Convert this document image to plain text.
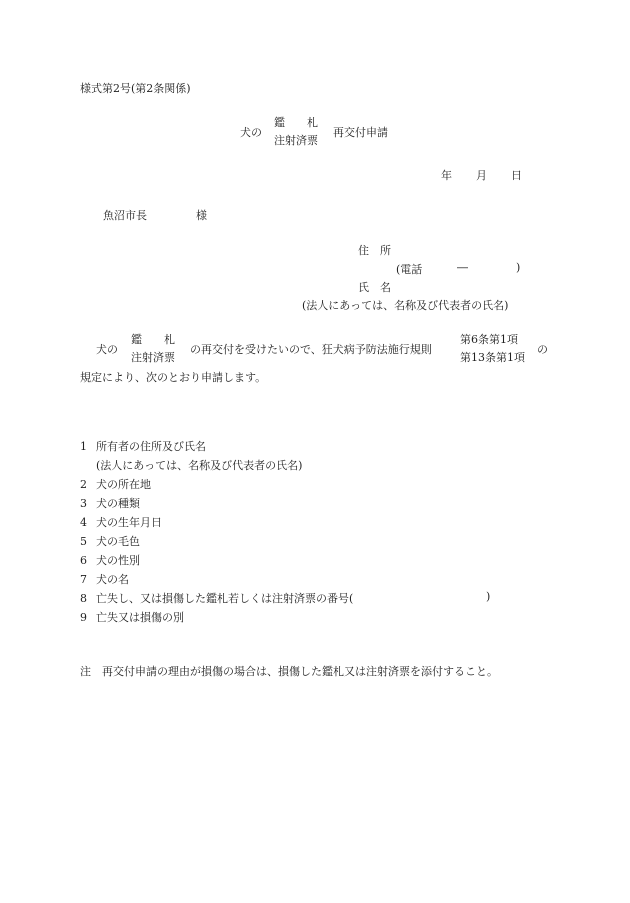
様式第2号(第2条関係)
犬の
鑑　　札
注射済票
再交付申請
年 月 日
魚沼市長	様
住　所
(電話	―	)
氏　名
(法人にあっては、名称及び代表者の氏名)
犬の
鑑　　札
注射済票
の再交付を受けたいので、狂犬病予防法施行規則
第6条第1項
第13条第1項
の
規定により、次のとおり申請します。
1 所有者の住所及び氏名
(法人にあっては、名称及び代表者の氏名)
2 犬の所在地
3 犬の種類
4 犬の生年月日
5 犬の毛色
6 犬の性別
7 犬の名
8 亡失し、又は損傷した鑑札若しくは注射済票の番号(	)
9 亡失又は損傷の別
注 再交付申請の理由が損傷の場合は、損傷した鑑札又は注射済票を添付すること。
